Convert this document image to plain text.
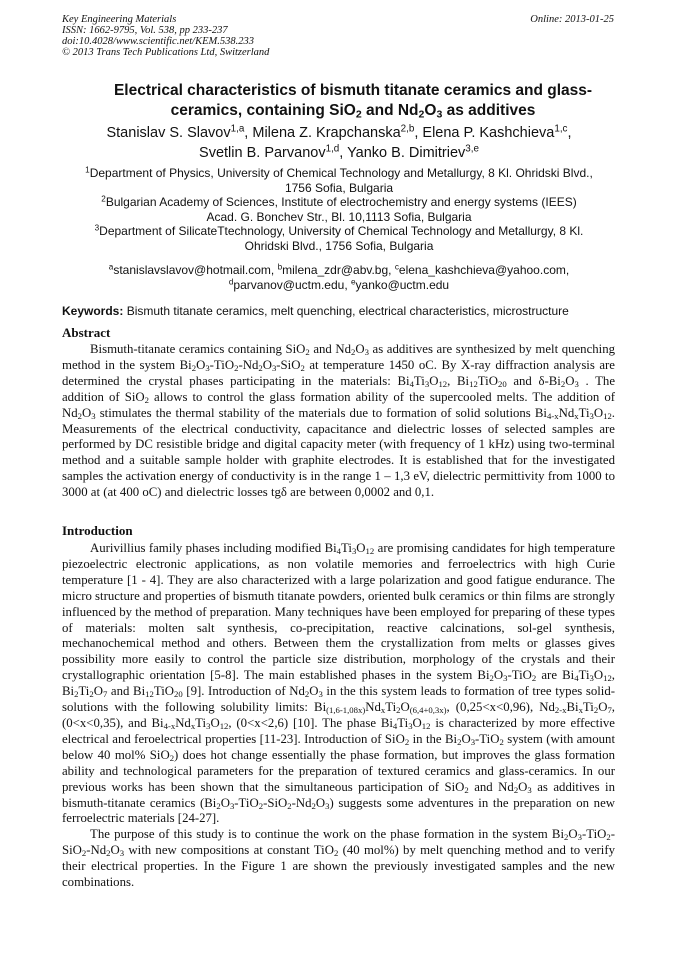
Key Engineering Materials
ISSN: 1662-9795, Vol. 538, pp 233-237
doi:10.4028/www.scientific.net/KEM.538.233
© 2013 Trans Tech Publications Ltd, Switzerland
Online: 2013-01-25
Electrical characteristics of bismuth titanate ceramics and glass-
ceramics, containing SiO$_2$ and $Nd_2O_3$ as additives
Stanislav S. Slavov$^{1,a}$, Milena Z. Krapchanska$^{2,b}$, Elena P. Kashchieva$^{1,c}$,
Svetlin B. Parvanov$^{1,d}$, Yanko B. Dimitriev$^{3,e}$
$^1$Department of Physics, University of Chemical Technology and Metallurgy, 8 Kl. Ohridski Blvd.,
1756 Sofia, Bulgaria
$^2$Bulgarian Academy of Sciences, Institute of electrochemistry and energy systems (IEES)
Acad. G. Bonchev Str., Bl. 10,1113 Sofia, Bulgaria
$^3$Department of SilicateTtechnology, University of Chemical Technology and Metallurgy, 8 Kl.
Ohridski Blvd., 1756 Sofia, Bulgaria
$^a$stanislavslavov@hotmail.com, $^b$milena_zdr@abv.bg, $^c$elena_kashchieva@yahoo.com,
$^d$parvanov@uctm.edu, $^e$yanko@uctm.edu
Keywords: Bismuth titanate ceramics, melt quenching, electrical characteristics, microstructure
Abstract

Bismuth-titanate ceramics containing SiO$_2$ and $Nd_2O_3$ as additives are synthesized by melt quenching method in the system $Bi_2O_3-TiO_2-Nd_2O_3-SiO_2$ at temperature 1450 oC. By X-ray diffraction analysis are determined the crystal phases participating in the materials: $Bi_4Ti_3O_{12}$, $Bi_{12}TiO_{20}$ and $\delta-Bi_2O_3$ . The addition of SiO$_2$ allows to control the glass formation ability of the supercooled melts. The addition of $Nd_2O_3$ stimulates the thermal stability of the materials due to formation of solid solutions $Bi_{4-x}Nd_xTi_3O_{12}$. Measurements of the electrical conductivity, capacitance and dielectric losses of selected samples are performed by DC resistible bridge and digital capacity meter (with frequency of 1 kHz) using two-terminal method and a suitable sample holder with graphite electrodes. It is established that for the investigated samples the activation energy of conductivity is in the range 1 – 1,3 eV, dielectric permittivity from 1000 to 3000 at (at 400 oC) and dielectric losses tgδ are between 0,0002 and 0,1.

Introduction

Aurivillius family phases including modified $Bi_4Ti_3O_{12}$ are promising candidates for high temperature piezoelectric electronic applications, as non volatile memories and ferroelectrics with high Curie temperature [1 - 4]. They are also characterized with a large polarization and good fatigue endurance. The micro structure and properties of bismuth titanate powders, oriented bulk ceramics or thin films are strongly influenced by the method of preparation. Many techniques have been employed for preparing of these types of materials: molten salt synthesis, co-precipitation, reactive calcinations, sol-gel synthesis, mechanochemical method and others. Between them the crystallization from melts or glasses gives possibility more easily to control the particle size distribution, morphology of the crystals and their crystallographic orientation [5-8]. The main established phases in the system $Bi_2O_3-TiO_2$ are $Bi_4Ti_3O_{12}$, $Bi_2Ti_2O_7$ and $Bi_{12}TiO_{20}$ [9]. Introduction of $Nd_2O_3$ in the this system leads to formation of tree types solid-solutions with the following solubility limits: $Bi_{(1,6-1,08x)}Nd_xTi_2O_{(6,4+0,3x)}$, (0,25<x<0,96), $Nd_{2-x}Bi_xTi_2O_7$, (0<x<0,35), and $Bi_{4-x}Nd_xTi_3O_{12}$, (0<x<2,6) [10]. The phase $Bi_4Ti_3O_{12}$ is characterized by more effective electrical and feroelectrical properties [11-23]. Introduction of SiO$_2$ in the $Bi_2O_3-TiO_2$ system (with amount below 40 mol% SiO$_2$) does hot change essentially the phase formation, but improves the glass formation ability and technological parameters for the preparation of textured ceramics and glass-ceramics. In our previous works has been shown that the simultaneous participation of SiO$_2$ and $Nd_2O_3$ as additives in bismuth-titanate ceramics $(Bi_2O_3-TiO_2-SiO_2-Nd_2O_3)$ suggests some adventures in the preparation on new ferroelectric materials [24-27].

The purpose of this study is to continue the work on the phase formation in the system $Bi_2O_3-TiO_2-SiO_2-Nd_2O_3$ with new compositions at constant TiO$_2$ (40 mol%) by melt quenching method and to verify their electrical properties. In the Figure 1 are shown the previously investigated samples and the new combinations.
